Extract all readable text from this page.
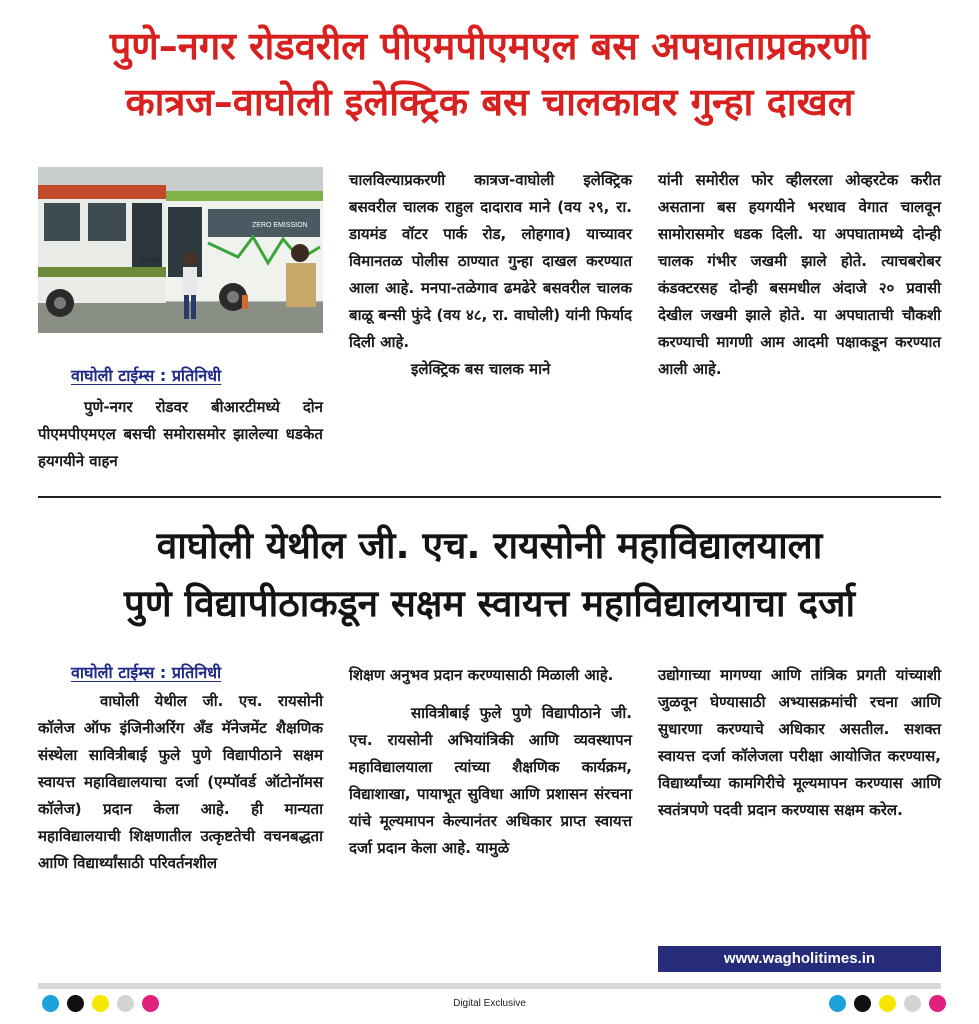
पुणे–नगर रोडवरील पीएमपीएमएल बस अपघाताप्रकरणी
कात्रज–वाघोली इलेक्ट्रिक बस चालकावर गुन्हा दाखल
ZERO EMISSION
C-423
वाघोली टाईम्स : प्रतिनिधी

पुणे-नगर रोडवर बीआरटीमध्ये दोन पीएमपीएमएल बसची समोरासमोर झालेल्या धडकेत हयगयीने वाहन

चालविल्याप्रकरणी कात्रज-वाघोली इलेक्ट्रिक बसवरील चालक राहुल दादाराव माने (वय २९, रा. डायमंड वॉटर पार्क रोड, लोहगाव) याच्यावर विमानतळ पोलीस ठाण्यात गुन्हा दाखल करण्यात आला आहे. मनपा-तळेगाव ढमढेरे बसवरील चालक बाळू बन्सी फुंदे (वय ४८, रा. वाघोली) यांनी फिर्याद दिली आहे.

इलेक्ट्रिक बस चालक माने

यांनी समोरील फोर व्हीलरला ओव्हरटेक करीत असताना बस हयगयीने भरधाव वेगात चालवून सामोरासमोर धडक दिली. या अपघातामध्ये दोन्ही चालक गंभीर जखमी झाले होते. त्याचबरोबर कंडक्टरसह दोन्ही बसमधील अंदाजे २० प्रवासी देखील जखमी झाले होते. या अपघाताची चौकशी करण्याची मागणी आम आदमी पक्षाकडून करण्यात आली आहे.

वाघोली येथील जी. एच. रायसोनी महाविद्यालयाला
पुणे विद्यापीठाकडून सक्षम स्वायत्त महाविद्यालयाचा दर्जा
वाघोली टाईम्स : प्रतिनिधी

वाघोली येथील जी. एच. रायसोनी कॉलेज ऑफ इंजिनीअरिंग अँड मॅनेजमेंट शैक्षणिक संस्थेला सावित्रीबाई फुले पुणे विद्यापीठाने सक्षम स्वायत्त महाविद्यालयाचा दर्जा (एम्पॉवर्ड ऑटोनॉमस कॉलेज) प्रदान केला आहे. ही मान्यता महाविद्यालयाची शिक्षणातील उत्कृष्टतेची वचनबद्धता आणि विद्यार्थ्यांसाठी परिवर्तनशील

शिक्षण अनुभव प्रदान करण्यासाठी मिळाली आहे.

सावित्रीबाई फुले पुणे विद्यापीठाने जी. एच. रायसोनी अभियांत्रिकी आणि व्यवस्थापन महाविद्यालयाला त्यांच्या शैक्षणिक कार्यक्रम, विद्याशाखा, पायाभूत सुविधा आणि प्रशासन संरचना यांचे मूल्यमापन केल्यानंतर अधिकार प्राप्त स्वायत्त दर्जा प्रदान केला आहे. यामुळे

उद्योगाच्या मागण्या आणि तांत्रिक प्रगती यांच्याशी जुळवून घेण्यासाठी अभ्यासक्रमांची रचना आणि सुधारणा करण्याचे अधिकार असतील. सशक्त स्वायत्त दर्जा कॉलेजला परीक्षा आयोजित करण्यास, विद्यार्थ्यांच्या कामगिरीचे मूल्यमापन करण्यास आणि स्वतंत्रपणे पदवी प्रदान करण्यास सक्षम करेल.

www.wagholitimes.in
Digital Exclusive
